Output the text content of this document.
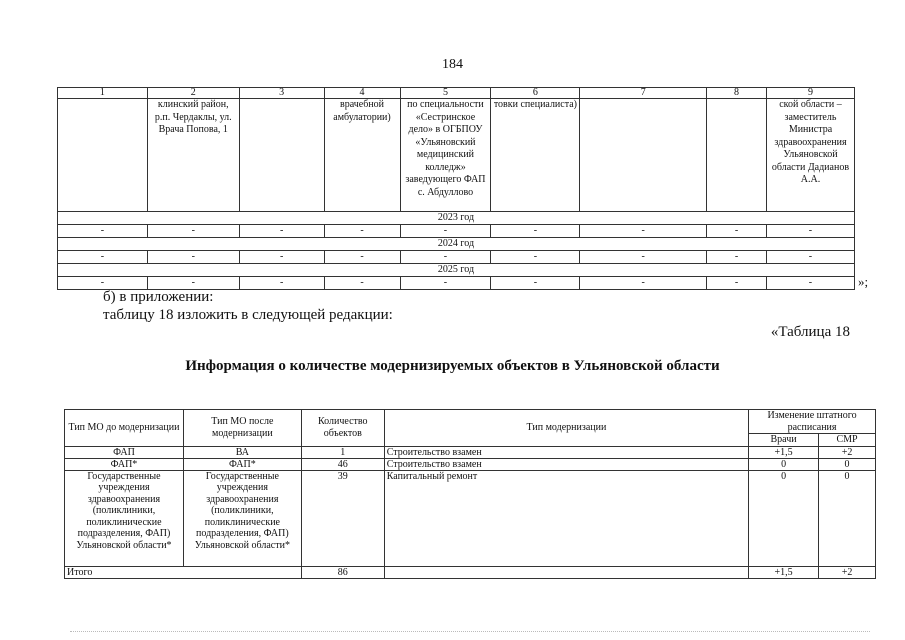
184
1	2	3	4	5	6	7	8	9
	клинский район, р.п. Чердаклы, ул. Врача Попова, 1		врачебной амбулатории)	по специальности «Сестринское дело» в ОГБПОУ «Ульяновский медицинский колледж» заведующего ФАП с. Абдуллово	товки специалиста)			ской области – заместитель Министра здравоохранения Ульяновской области Дадианов А.А.
2023 год								
-	-	-	-	-	-	-	-	-
2024 год								
-	-	-	-	-	-	-	-	-
2025 год								
-	-	-	-	-	-	-	-	-	»;
б) в приложении:
таблицу 18 изложить в следующей редакции:
«Таблица 18
Информация о количестве модернизируемых объектов в Ульяновской области
Тип МО до модернизации	Тип МО после модернизации	Количество объектов	Тип модернизации	Изменение штатного расписания	
				Врачи	СМР
ФАП	ВА	1	Строительство взамен	+1,5	+2
ФАП*	ФАП*	46	Строительство взамен	0	0
Государственные учреждения здравоохранения (поликлиники, поликлинические подразделения, ФАП) Ульяновской области*	Государственные учреждения здравоохранения (поликлиники, поликлинические подразделения, ФАП) Ульяновской области*	39	Капитальный ремонт	0	0
Итого		86		+1,5	+2
